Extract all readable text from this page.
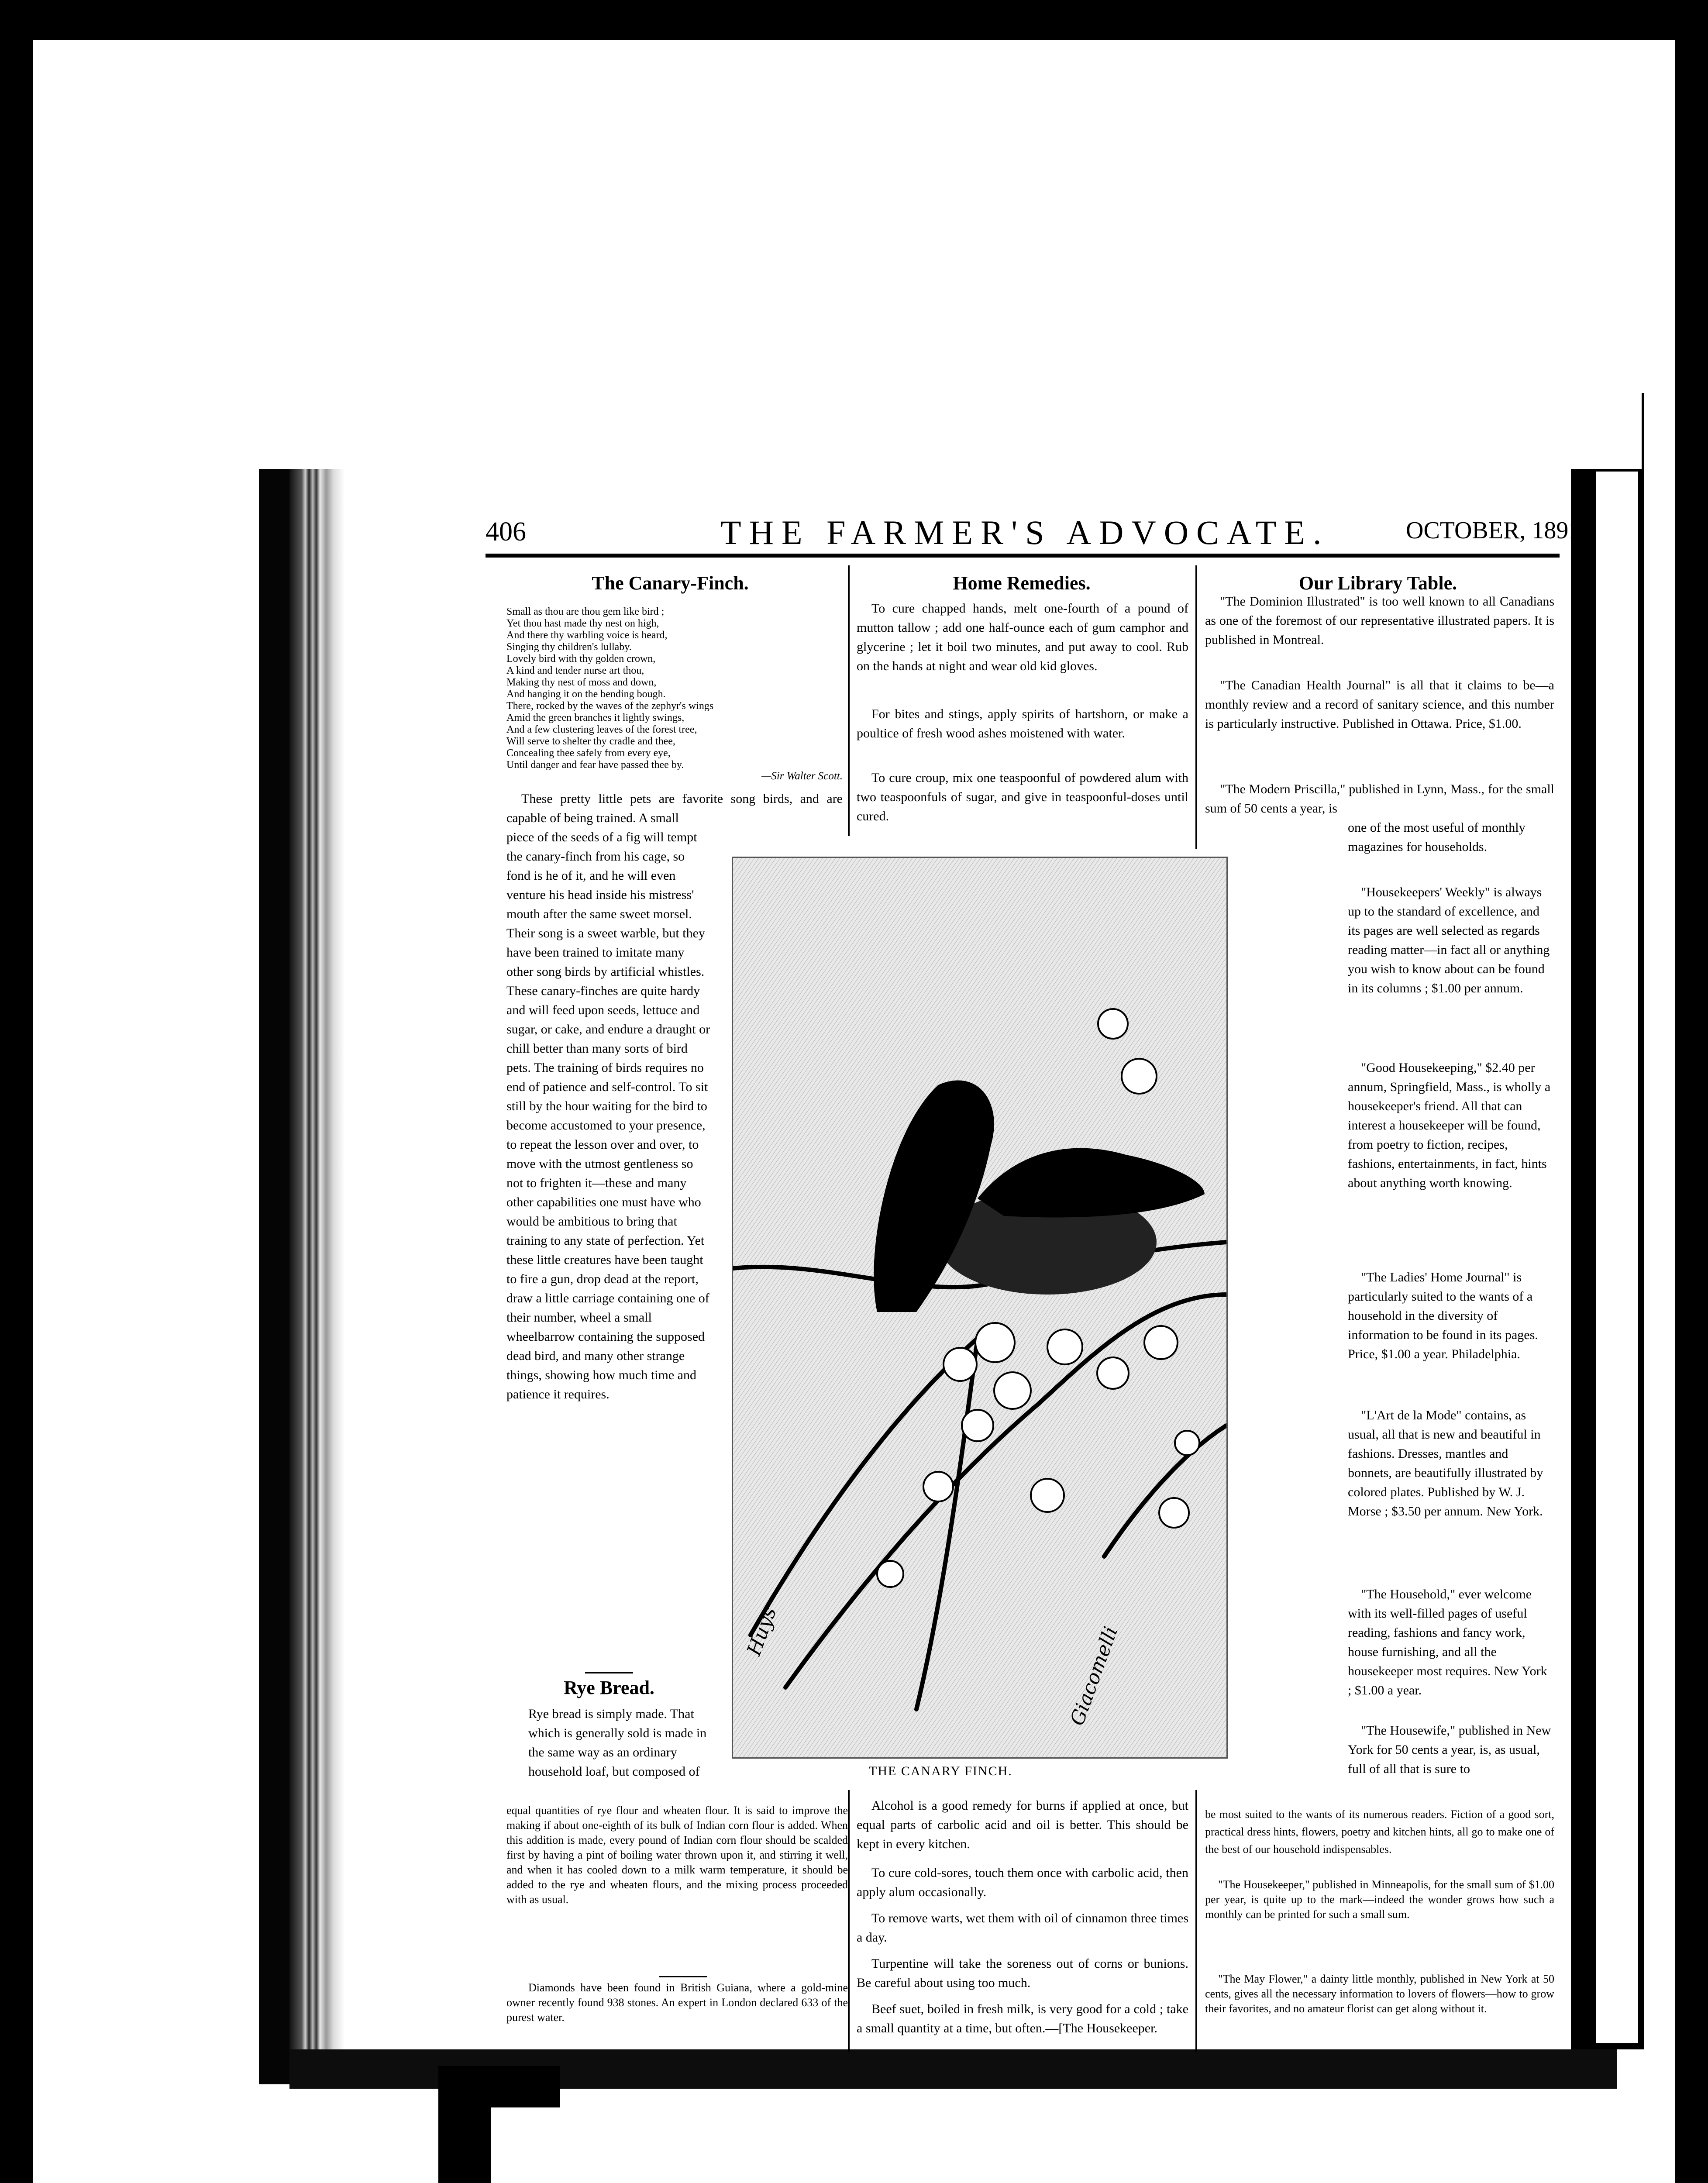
406	THE FARMER'S ADVOCATE.	OCTOBER, 1891
The Canary-Finch.
Small as thou are thou gem like bird ;
Yet thou hast made thy nest on high,
And there thy warbling voice is heard,
Singing thy children's lullaby.
Lovely bird with thy golden crown,
A kind and tender nurse art thou,
Making thy nest of moss and down,
And hanging it on the bending bough.
There, rocked by the waves of the zephyr's wings
Amid the green branches it lightly swings,
And a few clustering leaves of the forest tree,
Will serve to shelter thy cradle and thee,
Concealing thee safely from every eye,
Until danger and fear have passed thee by.
—Sir Walter Scott.
These pretty little pets are favorite song birds, and are capable of being trained. A small
piece of the seeds of a fig will tempt the canary-finch from his cage, so fond is he of it, and he will even venture his head inside his mistress' mouth after the same sweet morsel. Their song is a sweet warble, but they have been trained to imitate many other song birds by artificial whistles. These canary-finches are quite hardy and will feed upon seeds, lettuce and sugar, or cake, and endure a draught or chill better than many sorts of bird pets. The training of birds requires no end of patience and self-control. To sit still by the hour waiting for the bird to become accustomed to your presence, to repeat the lesson over and over, to move with the utmost gentleness so not to frighten it—these and many other capabilities one must have who would be ambitious to bring that training to any state of perfection. Yet these little creatures have been taught to fire a gun, drop dead at the report, draw a little carriage containing one of their number, wheel a small wheelbarrow containing the supposed dead bird, and many other strange things, showing how much time and patience it requires.
Rye Bread.
Rye bread is simply made. That which is generally sold is made in the same way as an ordinary household loaf, but composed of
equal quantities of rye flour and wheaten flour. It is said to improve the making if about one-eighth of its bulk of Indian corn flour is added. When this addition is made, every pound of Indian corn flour should be scalded first by having a pint of boiling water thrown upon it, and stirring it well, and when it has cooled down to a milk warm temperature, it should be added to the rye and wheaten flours, and the mixing process proceeded with as usual.
Diamonds have been found in British Guiana, where a gold-mine owner recently found 938 stones. An expert in London declared 633 of the purest water.
Home Remedies.
To cure chapped hands, melt one-fourth of a pound of mutton tallow ; add one half-ounce each of gum camphor and glycerine ; let it boil two minutes, and put away to cool. Rub on the hands at night and wear old kid gloves.
For bites and stings, apply spirits of hartshorn, or make a poultice of fresh wood ashes moistened with water.
To cure croup, mix one teaspoonful of powdered alum with two teaspoonfuls of sugar, and give in teaspoonful-doses until cured.
Alcohol is a good remedy for burns if applied at once, but equal parts of carbolic acid and oil is better. This should be kept in every kitchen.
To cure cold-sores, touch them once with carbolic acid, then apply alum occasionally.
To remove warts, wet them with oil of cinnamon three times a day.
Turpentine will take the soreness out of corns or bunions. Be careful about using too much.
Beef suet, boiled in fresh milk, is very good for a cold ; take a small quantity at a time, but often.—[The Housekeeper.
Huys	Giacomelli
THE CANARY FINCH.
Our Library Table.
"The Dominion Illustrated" is too well known to all Canadians as one of the foremost of our representative illustrated papers. It is published in Montreal.
"The Canadian Health Journal" is all that it claims to be—a monthly review and a record of sanitary science, and this number is particularly instructive. Published in Ottawa. Price, $1.00.
"The Modern Priscilla," published in Lynn, Mass., for the small sum of 50 cents a year, is
one of the most useful of monthly magazines for households.
"Housekeepers' Weekly" is always up to the standard of excellence, and its pages are well selected as regards reading matter—in fact all or anything you wish to know about can be found in its columns ; $1.00 per annum.
"Good Housekeeping," $2.40 per annum, Springfield, Mass., is wholly a housekeeper's friend. All that can interest a housekeeper will be found, from poetry to fiction, recipes, fashions, entertainments, in fact, hints about anything worth knowing.
"The Ladies' Home Journal" is particularly suited to the wants of a household in the diversity of information to be found in its pages. Price, $1.00 a year. Philadelphia.
"L'Art de la Mode" contains, as usual, all that is new and beautiful in fashions. Dresses, mantles and bonnets, are beautifully illustrated by colored plates. Published by W. J. Morse ; $3.50 per annum. New York.
"The Household," ever welcome with its well-filled pages of useful reading, fashions and fancy work, house furnishing, and all the housekeeper most requires. New York ; $1.00 a year.
"The Housewife," published in New York for 50 cents a year, is, as usual, full of all that is sure to
be most suited to the wants of its numerous readers. Fiction of a good sort, practical dress hints, flowers, poetry and kitchen hints, all go to make one of the best of our household indispensables.
"The Housekeeper," published in Minneapolis, for the small sum of $1.00 per year, is quite up to the mark—indeed the wonder grows how such a monthly can be printed for such a small sum.
"The May Flower," a dainty little monthly, published in New York at 50 cents, gives all the necessary information to lovers of flowers—how to grow their favorites, and no amateur florist can get along without it.
